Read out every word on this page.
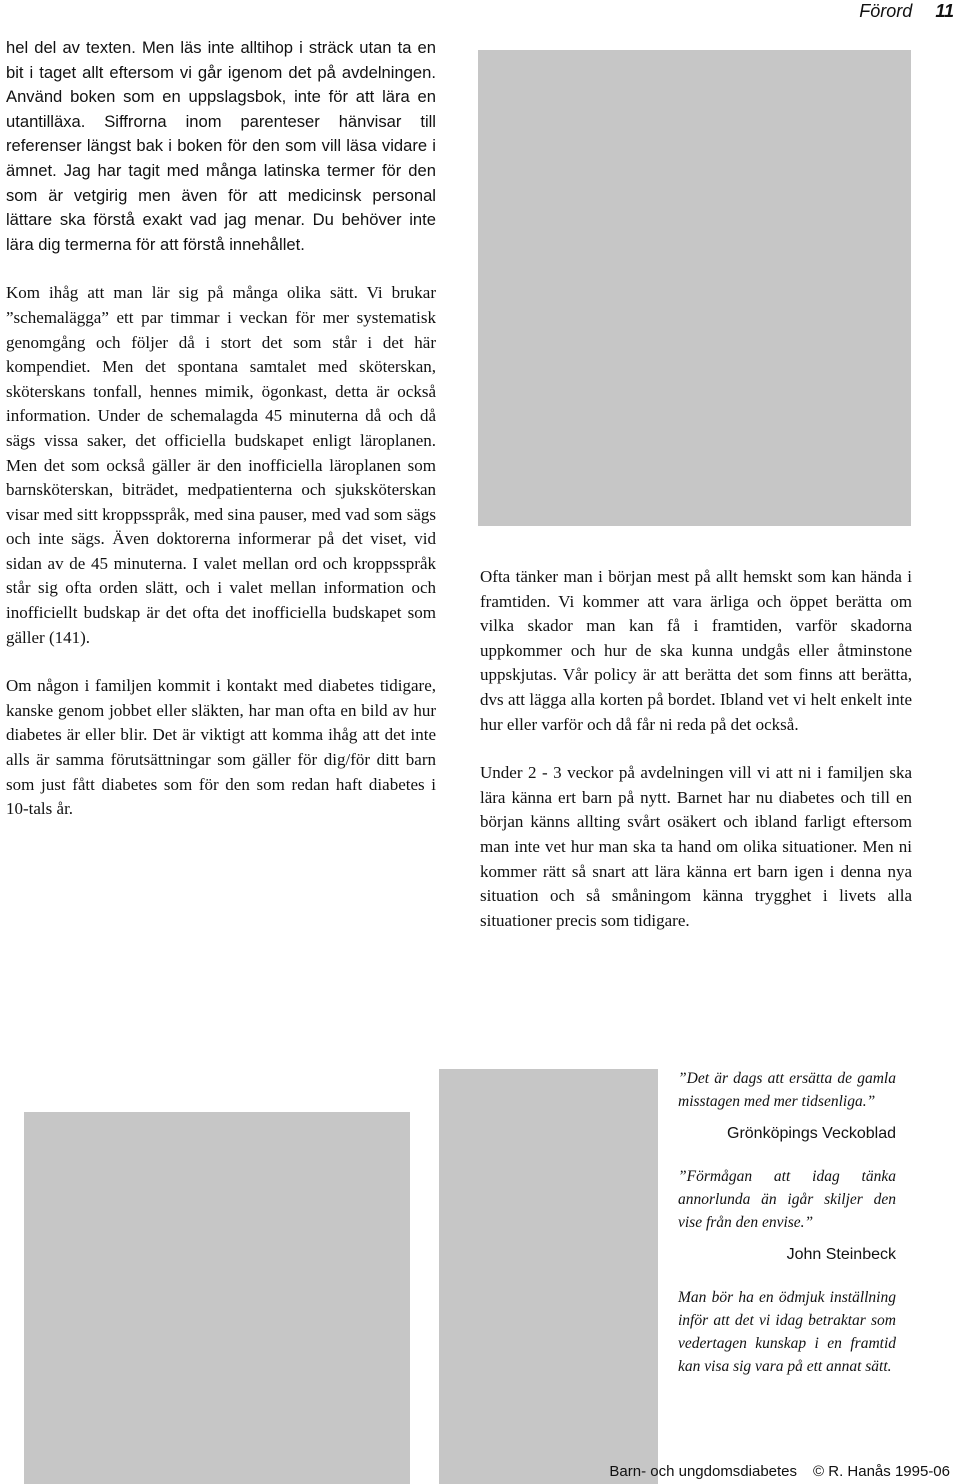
Förord 11

hel del av texten. Men läs inte alltihop i sträck utan ta en bit i taget allt eftersom vi går igenom det på avdelningen. Använd boken som en uppslagsbok, inte för att lära en utantilläxa. Siffrorna inom parenteser hänvisar till referenser längst bak i boken för den som vill läsa vidare i ämnet. Jag har tagit med många latinska termer för den som är vetgirig men även för att medicinsk personal lättare ska förstå exakt vad jag menar. Du behöver inte lära dig termerna för att förstå innehållet.

Kom ihåg att man lär sig på många olika sätt. Vi brukar ”schemalägga” ett par timmar i veckan för mer systematisk genomgång och följer då i stort det som står i det här kompendiet. Men det spontana samtalet med sköterskan, sköterskans tonfall, hennes mimik, ögonkast, detta är också information. Under de schemalagda 45 minuterna då och då sägs vissa saker, det officiella budskapet enligt läroplanen. Men det som också gäller är den inofficiella läroplanen som barnsköterskan, biträdet, medpatienterna och sjuksköterskan visar med sitt kroppsspråk, med sina pauser, med vad som sägs och inte sägs. Även doktorerna informerar på det viset, vid sidan av de 45 minuterna. I valet mellan ord och kroppsspråk står sig ofta orden slätt, och i valet mellan information och inofficiellt budskap är det ofta det inofficiella budskapet som gäller (141).

Om någon i familjen kommit i kontakt med diabetes tidigare, kanske genom jobbet eller släkten, har man ofta en bild av hur diabetes är eller blir. Det är viktigt att komma ihåg att det inte alls är samma förutsättningar som gäller för dig/för ditt barn som just fått diabetes som för den som redan haft diabetes i 10-tals år.

Ofta tänker man i början mest på allt hemskt som kan hända i framtiden. Vi kommer att vara ärliga och öppet berätta om vilka skador man kan få i framtiden, varför skadorna uppkommer och hur de ska kunna undgås eller åtminstone uppskjutas. Vår policy är att berätta det som finns att berätta, dvs att lägga alla korten på bordet. Ibland vet vi helt enkelt inte hur eller varför och då får ni reda på det också.

Under 2 - 3 veckor på avdelningen vill vi att ni i familjen ska lära känna ert barn på nytt. Barnet har nu diabetes och till en början känns allting svårt osäkert och ibland farligt eftersom man inte vet hur man ska ta hand om olika situationer. Men ni kommer rätt så snart att lära känna ert barn igen i denna nya situation och så småningom känna trygghet i livets alla situationer precis som tidigare.

”Det är dags att ersätta de gamla misstagen med mer tidsenliga.”

Grönköpings Veckoblad

”Förmågan att idag tänka annorlunda än igår skiljer den vise från den envise.”

John Steinbeck

Man bör ha en ödmjuk inställning inför att det vi idag betraktar som vedertagen kunskap i en framtid kan visa sig vara på ett annat sätt.

Barn- och ungdomsdiabetes © R. Hanås 1995-06
